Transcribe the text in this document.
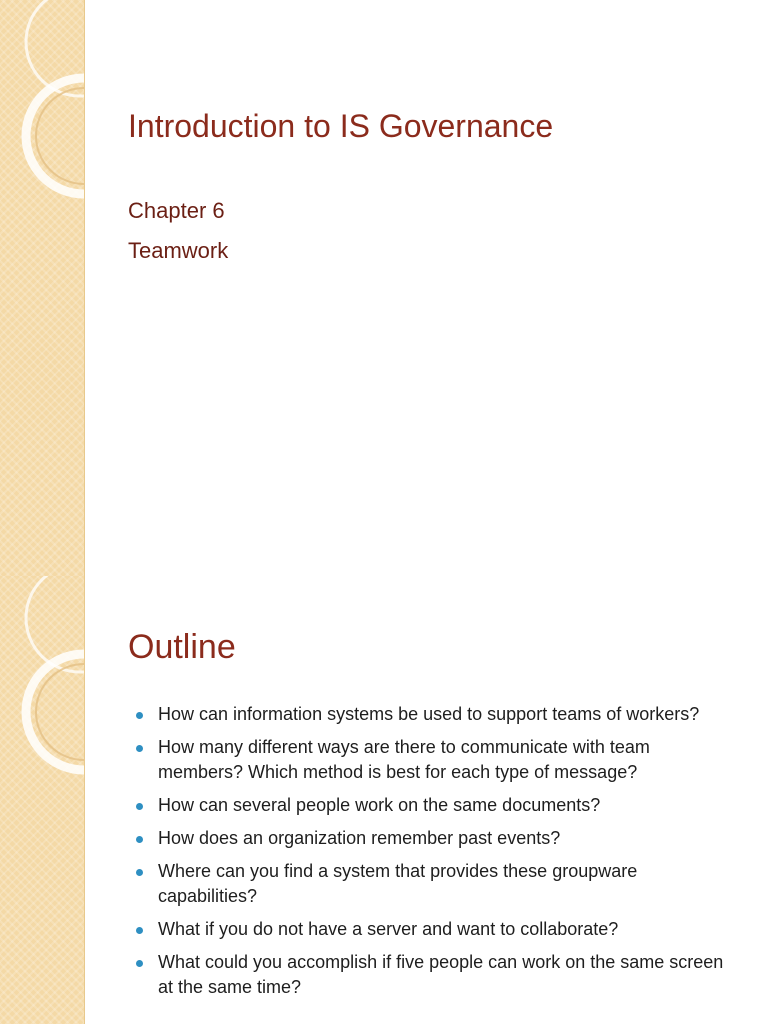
Introduction to IS Governance

Chapter 6

Teamwork

Outline
How can information systems be used to support teams of workers?
How many different ways are there to communicate with team members? Which method is best for each type of message?
How can several people work on the same documents?
How does an organization remember past events?
Where can you find a system that provides these groupware capabilities?
What if you do not have a server and want to collaborate?
What could you accomplish if five people can work on the same screen at the same time?
